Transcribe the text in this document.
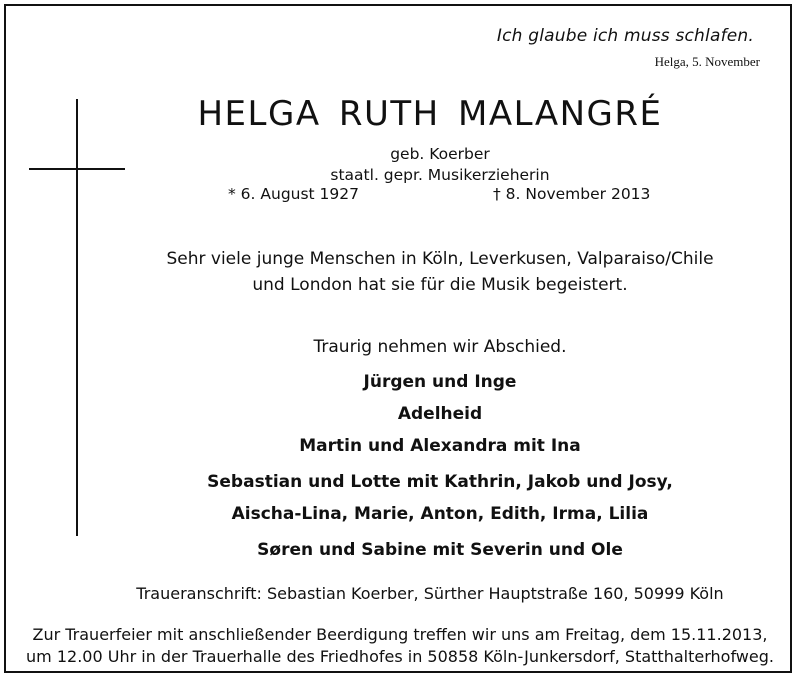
Ich glaube ich muss schlafen.
Helga, 5. November
HELGA RUTH MALANGRÉ
geb. Koerber
staatl. gepr. Musikerzieherin
* 6. August 1927	† 8. November 2013
Sehr viele junge Menschen in Köln, Leverkusen, Valparaiso/Chile
und London hat sie für die Musik begeistert.
Traurig nehmen wir Abschied.
Jürgen und Inge
Adelheid
Martin und Alexandra mit Ina
Sebastian und Lotte mit Kathrin, Jakob und Josy,
Aischa-Lina, Marie, Anton, Edith, Irma, Lilia
Søren und Sabine mit Severin und Ole
Traueranschrift: Sebastian Koerber, Sürther Hauptstraße 160, 50999 Köln
Zur Trauerfeier mit anschließender Beerdigung treffen wir uns am Freitag, dem 15.11.2013,
um 12.00 Uhr in der Trauerhalle des Friedhofes in 50858 Köln-Junkersdorf, Statthalterhofweg.
